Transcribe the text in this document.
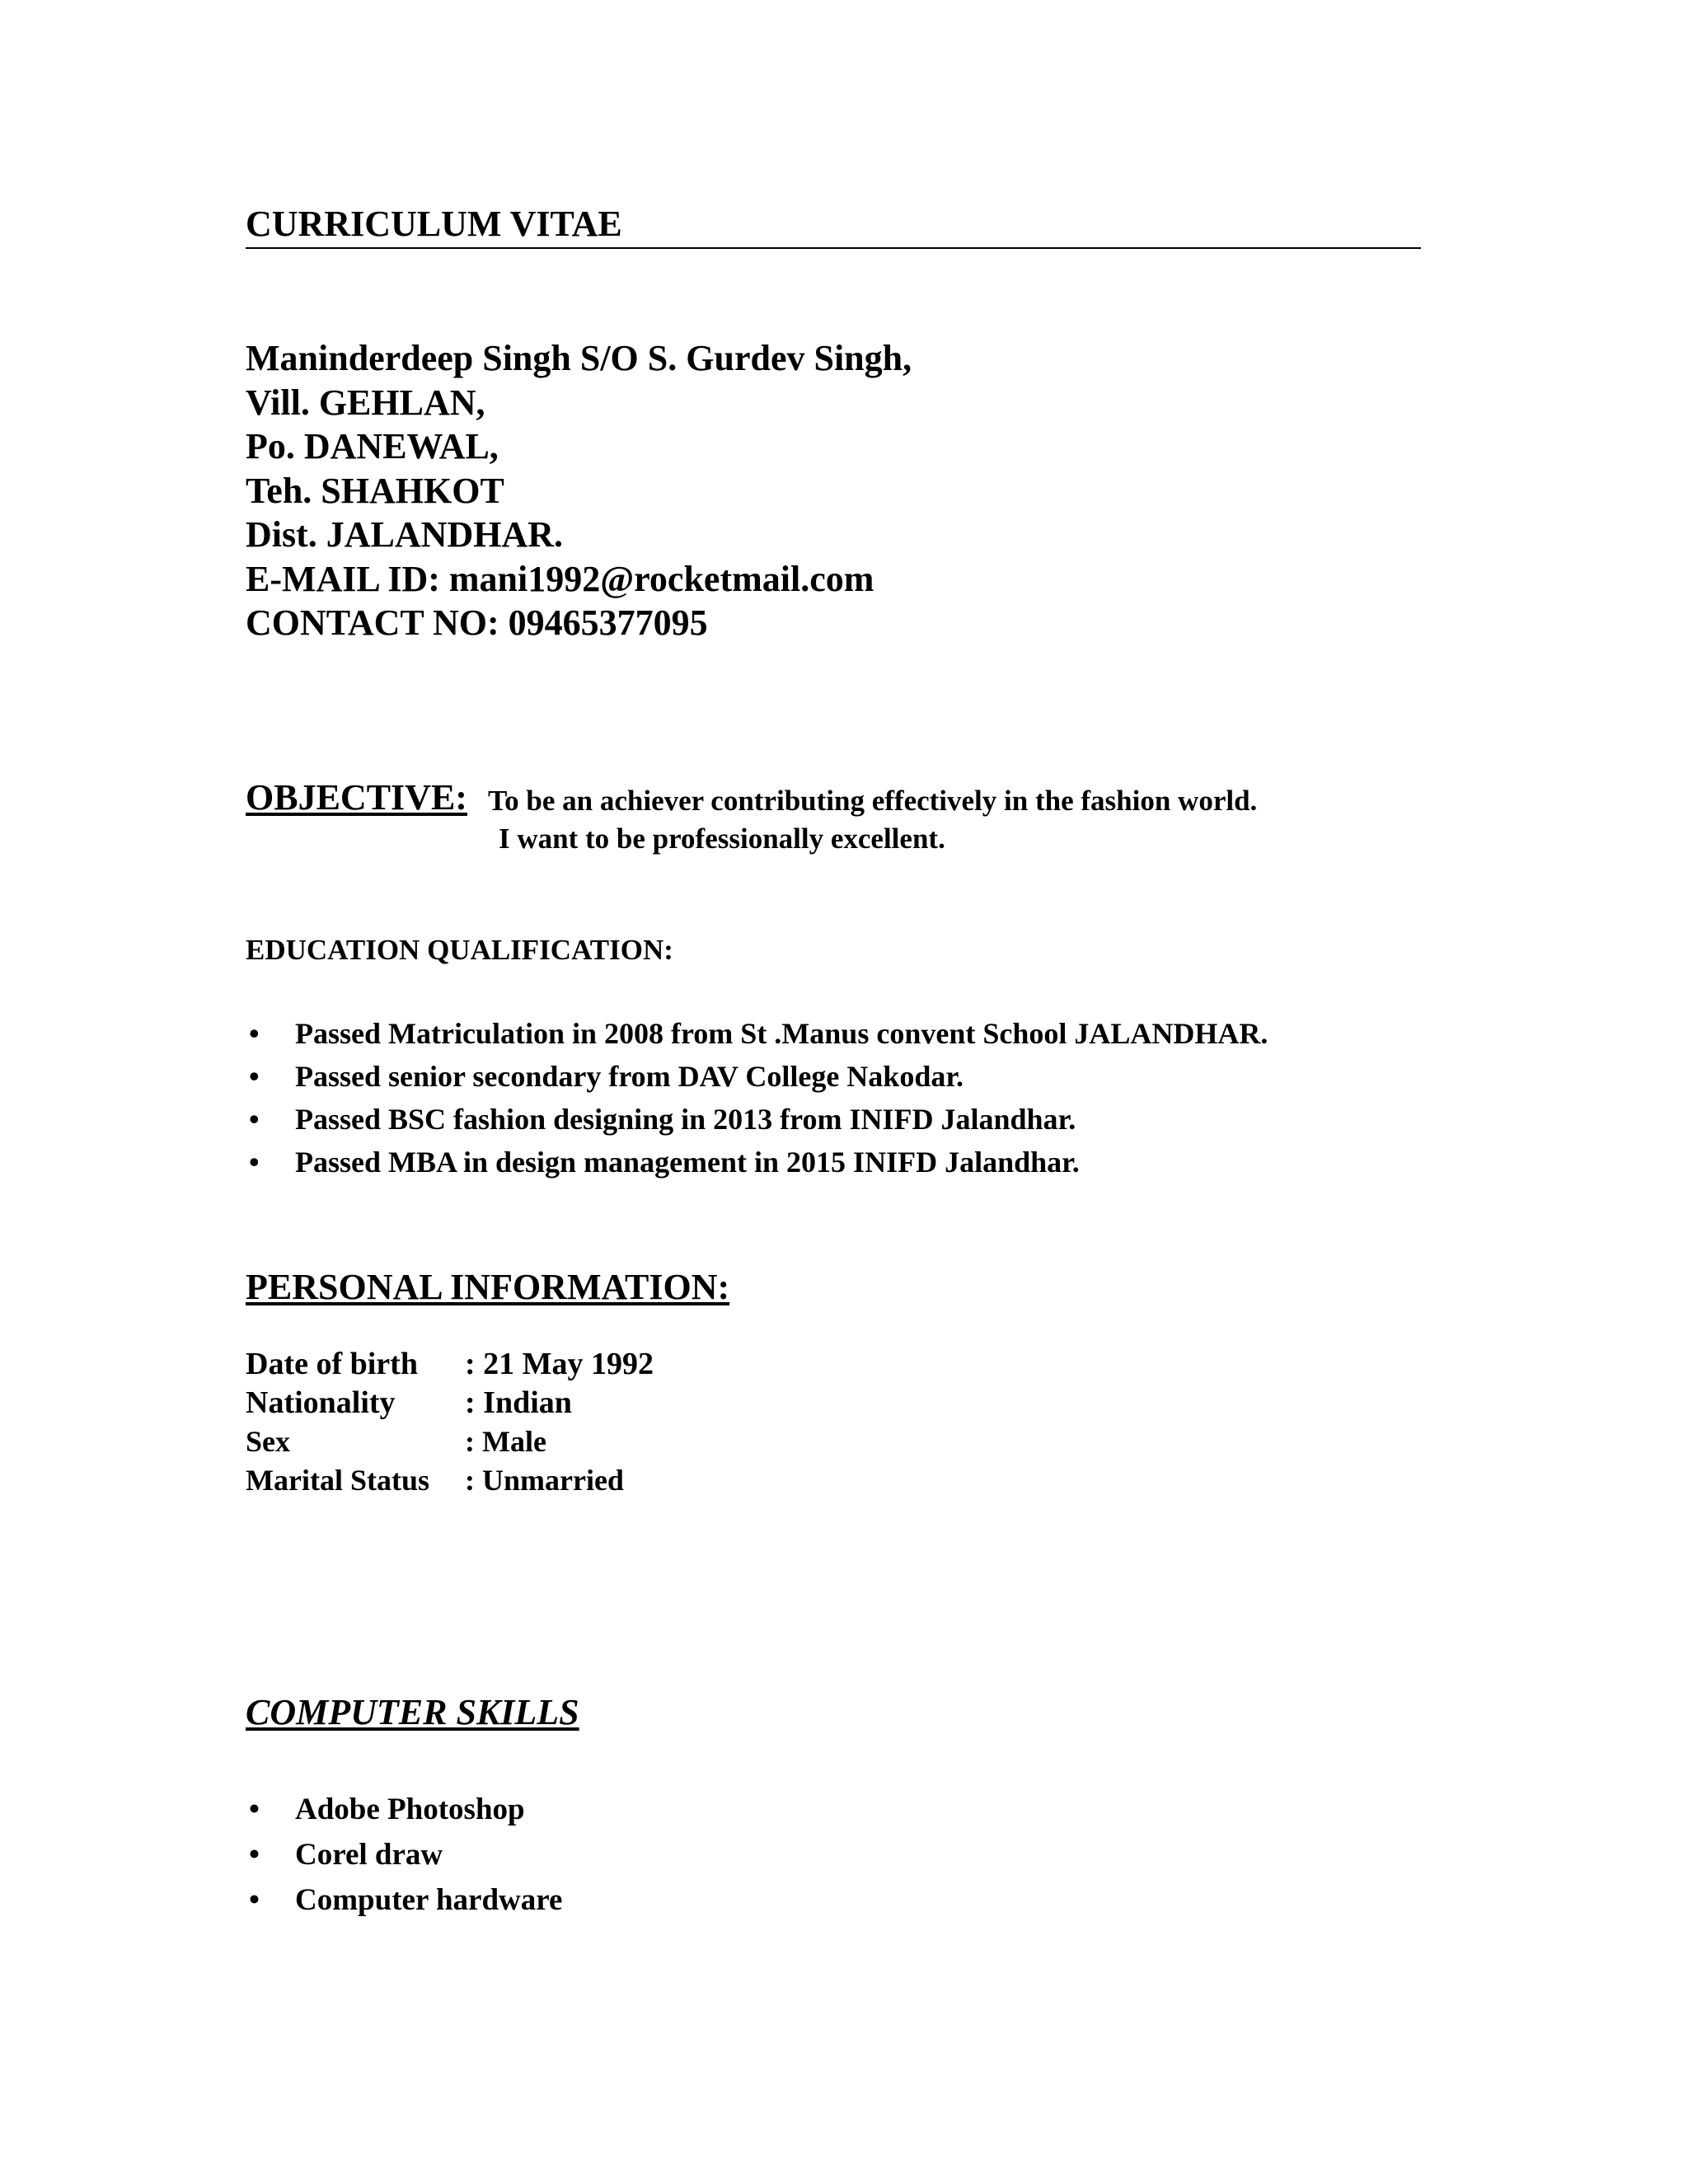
CURRICULUM VITAE
Maninderdeep Singh S/O S. Gurdev Singh,
Vill. GEHLAN,
Po. DANEWAL,
Teh. SHAHKOT
Dist. JALANDHAR.
E-MAIL ID: mani1992@rocketmail.com
CONTACT NO: 09465377095
OBJECTIVE: To be an achiever contributing effectively in the fashion world.
I want to be professionally excellent.
EDUCATION QUALIFICATION:
•	Passed Matriculation in 2008 from St .Manus convent School JALANDHAR.
•	Passed senior secondary from DAV College Nakodar.
•	Passed BSC fashion designing in 2013 from INIFD Jalandhar.
•	Passed MBA in design management in 2015 INIFD Jalandhar.
PERSONAL INFORMATION:
Date of birth	: 21 May 1992
Nationality	: Indian
Sex	: Male
Marital Status	: Unmarried
COMPUTER SKILLS
•	Adobe Photoshop
•	Corel draw
•	Computer hardware
